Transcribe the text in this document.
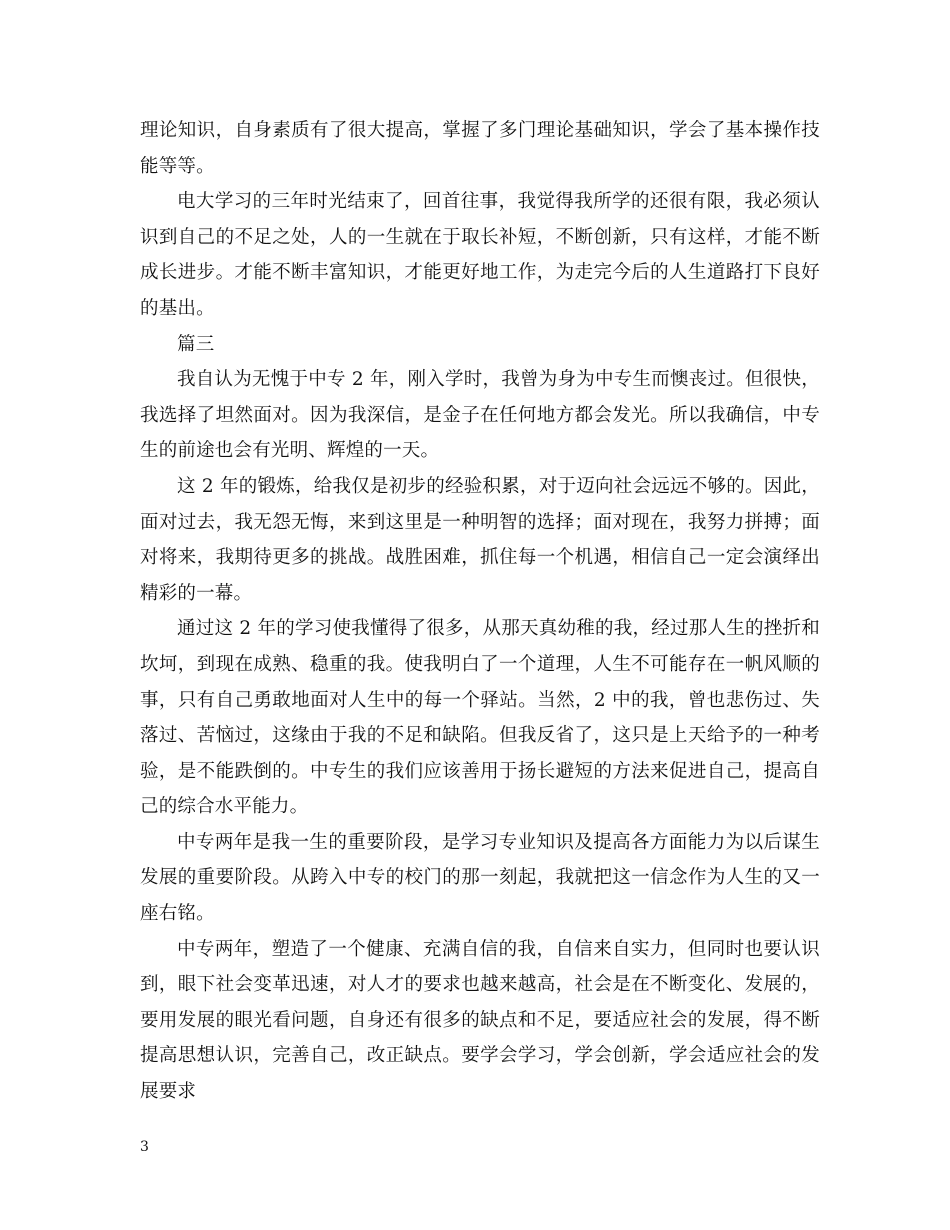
理论知识，自身素质有了很大提高，掌握了多门理论基础知识，学会了基本操作技能等等。

电大学习的三年时光结束了，回首往事，我觉得我所学的还很有限，我必须认识到自己的不足之处，人的一生就在于取长补短，不断创新，只有这样，才能不断成长进步。才能不断丰富知识，才能更好地工作，为走完今后的人生道路打下良好的基出。

篇三

我自认为无愧于中专 2 年，刚入学时，我曾为身为中专生而懊丧过。但很快，我选择了坦然面对。因为我深信，是金子在任何地方都会发光。所以我确信，中专生的前途也会有光明、辉煌的一天。

这 2 年的锻炼，给我仅是初步的经验积累，对于迈向社会远远不够的。因此，面对过去，我无怨无悔，来到这里是一种明智的选择；面对现在，我努力拼搏；面对将来，我期待更多的挑战。战胜困难，抓住每一个机遇，相信自己一定会演绎出精彩的一幕。

通过这 2 年的学习使我懂得了很多，从那天真幼稚的我，经过那人生的挫折和坎坷，到现在成熟、稳重的我。使我明白了一个道理，人生不可能存在一帆风顺的事，只有自己勇敢地面对人生中的每一个驿站。当然，2 中的我，曾也悲伤过、失落过、苦恼过，这缘由于我的不足和缺陷。但我反省了，这只是上天给予的一种考验，是不能跌倒的。中专生的我们应该善用于扬长避短的方法来促进自己，提高自己的综合水平能力。

中专两年是我一生的重要阶段，是学习专业知识及提高各方面能力为以后谋生发展的重要阶段。从跨入中专的校门的那一刻起，我就把这一信念作为人生的又一座右铭。

中专两年，塑造了一个健康、充满自信的我，自信来自实力，但同时也要认识到，眼下社会变革迅速，对人才的要求也越来越高，社会是在不断变化、发展的，要用发展的眼光看问题，自身还有很多的缺点和不足，要适应社会的发展，得不断提高思想认识，完善自己，改正缺点。要学会学习，学会创新，学会适应社会的发展要求

3
